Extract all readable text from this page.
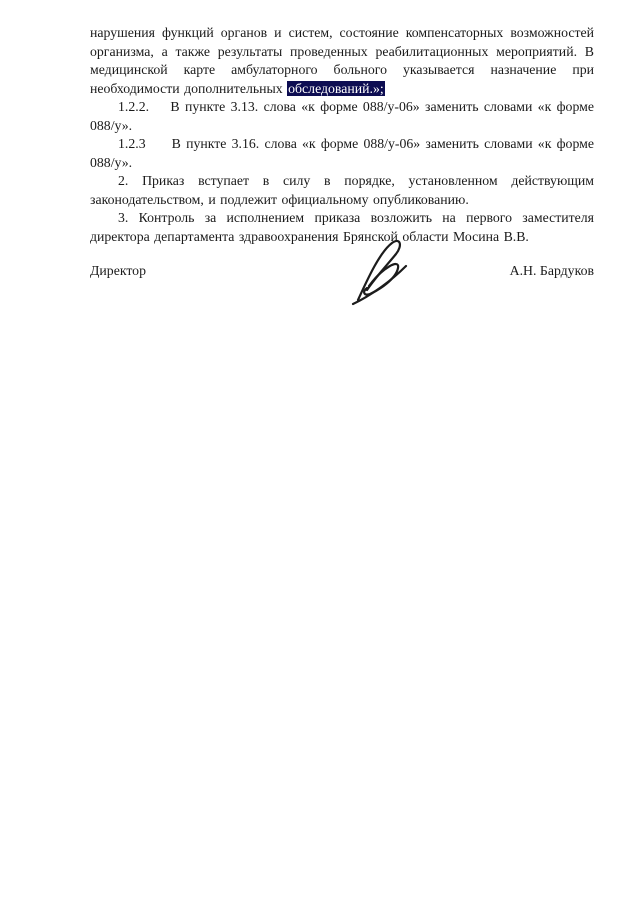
нарушения функций органов и систем, состояние компенсаторных возможностей организма, а также результаты проведенных реабилитационных мероприятий. В медицинской карте амбулаторного больного указывается назначение при необходимости дополнительных обследований.»;

1.2.2.    В пункте 3.13. слова «к форме 088/у-06» заменить словами «к форме 088/у».

1.2.3     В пункте 3.16. слова «к форме 088/у-06» заменить словами «к форме 088/у».

2. Приказ вступает в силу в порядке, установленном действующим законодательством, и подлежит официальному опубликованию.

3. Контроль за исполнением приказа возложить на первого заместителя директора департамента здравоохранения Брянской области Мосина В.В.

Директор	А.Н. Бардуков
